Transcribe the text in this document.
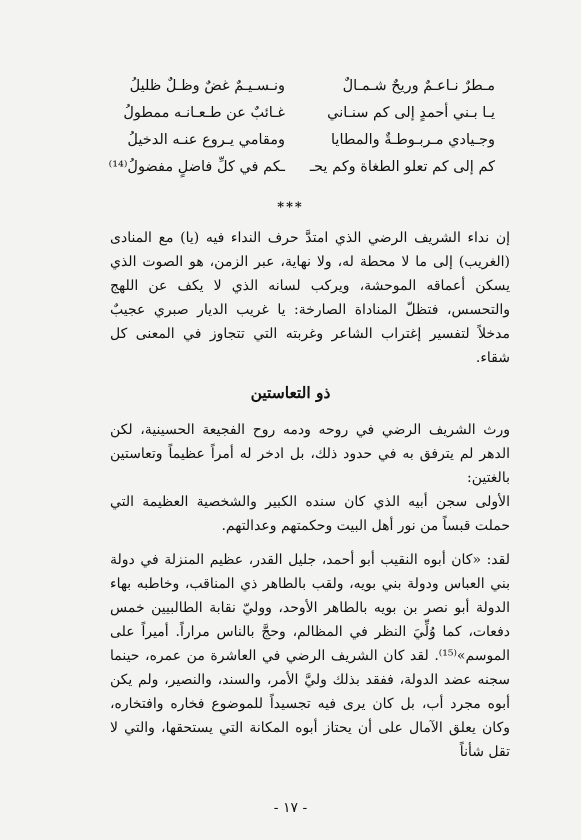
مـطرٌ نـاعـمٌ وريحٌ شـمـالٌ
ونـسـيـمٌ غضٌ وظـلٌ ظليلُ
يـا بـني أحمدٍ إلى كم سنـاني
غـائبٌ عن طـعـانـه ممطولُ
وجـيادي مـربـوطـةٌ والمطايا
ومقامي يـروع عنـه الدخيلُ
كم إلى كم تعلو الطغاة وكم يحـ
ـكم في كلِّ فاضلٍ مفضولُ⁽¹⁴⁾
***

إن نداء الشريف الرضي الذي امتدَّ حرف النداء فيه (يا) مع المنادى (الغريب) إلى ما لا محطة له، ولا نهاية، عبر الزمن، هو الصوت الذي يسكن أعماقه الموحشة، ويركب لسانه الذي لا يكف عن اللهج والتحسس، فتظلّ المناداة الصارخة: يا غريب الديار صبري عجيبٌ مدخلاً لتفسير إغتراب الشاعر وغربته التي تتجاوز في المعنى كل شقاء.

ذو التعاستين

ورث الشريف الرضي في روحه ودمه روح الفجيعة الحسينية، لكن الدهر لم يترفق به في حدود ذلك، بل ادخر له أمراً عظيماً وتعاستين بالغتين:

الأولى سجن أبيه الذي كان سنده الكبير والشخصية العظيمة التي حملت قبساً من نور أهل البيت وحكمتهم وعدالتهم.

لقد: «كان أبوه النقيب أبو أحمد، جليل القدر، عظيم المنزلة في دولة بني العباس ودولة بني بويه، ولقب بالطاهر ذي المناقب، وخاطبه بهاء الدولة أبو نصر بن بويه بالطاهر الأوحد، ووليّ نقابة الطالبيين خمس دفعات، كما وُلِّيَ النظر في المظالم، وحجَّ بالناس مراراً. أميراً على الموسم»⁽¹⁵⁾. لقد كان الشريف الرضي في العاشرة من عمره، حينما سجنه عضد الدولة، ففقد بذلك وليَّ الأمر، والسند، والنصير، ولم يكن أبوه مجرد أب، بل كان يرى فيه تجسيداً للموضوع فخاره وافتخاره، وكان يعلق الآمال على أن يحتاز أبوه المكانة التي يستحقها، والتي لا تقل شأناً

- ١٧ -
